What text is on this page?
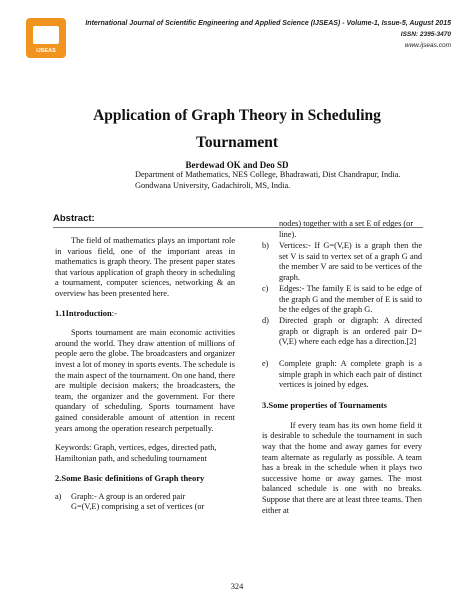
IJSEAS
International Journal of Scientific Engineering and Applied Science (IJSEAS) - Volume-1, Issue-5, August 2015
ISSN: 2395-3470
www.ijseas.com
Application of Graph Theory in Scheduling
Tournament
Berdewad OK and Deo SD
Department of Mathematics, NES College, Bhadrawati, Dist Chandrapur, India.
Gondwana University, Gadachiroli, MS, India.
Abstract:

The field of mathematics plays an important role in various field, one of the important areas in mathematics is graph theory. The present paper states that various application of graph theory in scheduling a tournament, computer sciences, networking & an overview has been presented here.

1.1Introduction:-

Sports tournament are main economic activities around the world. They draw attention of millions of people aero the globe. The broadcasters and organizer invest a lot of money in sports events. The schedule is the main aspect of the tournament. On one hand, there are multiple decision makers; the broadcasters, the team, the organizer and the government. For there quandary of scheduling. Sports tournament have gained considerable amount of attention in recent years among the operation research perpetually.

Keywords: Graph, vertices, edges, directed path, Hamiltonian path, and scheduling tournament

2.Some Basic definitions of Graph theory

a) Graph:- A group is an ordered pair
G=(V,E) comprising a set of vertices (or

nodes) together with a set E of edges (or line).

b) Vertices:- If G=(V,E) is a graph then the set V is said to vertex set of a graph G and the member V are said to be vertices of the graph.
c) Edges:- The family E is said to be edge of the graph G and the member of E is said to be the edges of the graph G.
d) Directed graph or digraph: A directed graph or digraph is an ordered pair D=(V,E) where each edge has a direction.[2]
e) Complete graph: A complete graph is a simple graph in which each pair of distinct vertices is joined by edges.

3.Some properties of Tournaments

If every team has its own home field it is desirable to schedule the tournament in such way that the home and away games for every team alternate as regularly as possible. A team has a break in the schedule when it plays two successive home or away games. The most balanced schedule is one with no breaks. Suppose that there are at least three teams. Then either at

324
